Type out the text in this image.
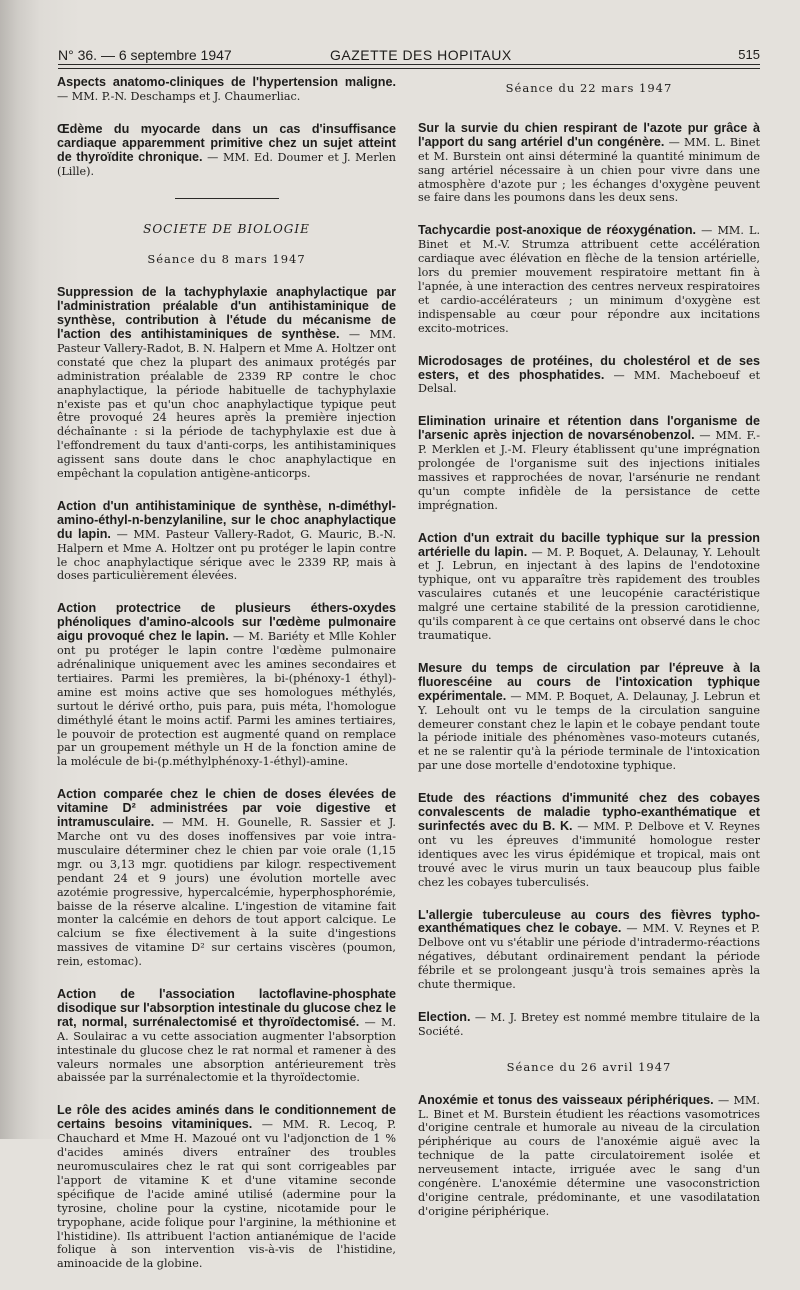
N° 36. — 6 septembre 1947	GAZETTE DES HOPITAUX	515

Aspects anatomo-cliniques de l'hypertension maligne. — MM. P.-N. Deschamps et J. Chaumerliac.

Œdème du myocarde dans un cas d'insuffisance cardiaque apparemment primitive chez un sujet atteint de thyroïdite chronique. — MM. Ed. Doumer et J. Merlen (Lille).

SOCIETE DE BIOLOGIE
Séance du 8 mars 1947

Suppression de la tachyphylaxie anaphylactique par l'administration préalable d'un antihistaminique de synthèse, contribution à l'étude du mécanisme de l'action des antihistaminiques de synthèse. — MM. Pasteur Vallery-Radot, B. N. Halpern et Mme A. Holtzer ont constaté que chez la plupart des animaux protégés par administration préalable de 2339 RP contre le choc anaphylactique, la période habituelle de tachyphylaxie n'existe pas et qu'un choc anaphylactique typique peut être provoqué 24 heures après la première injection déchaînante : si la période de tachyphylaxie est due à l'effondrement du taux d'anti-corps, les antihistaminiques agissent sans doute dans le choc anaphylactique en empêchant la copulation antigène-anticorps.

Action d'un antihistaminique de synthèse, n-diméthyl-amino-éthyl-n-benzylaniline, sur le choc anaphylactique du lapin. — MM. Pasteur Vallery-Radot, G. Mauric, B.-N. Halpern et Mme A. Holtzer ont pu protéger le lapin contre le choc anaphylactique sérique avec le 2339 RP, mais à doses particulièrement élevées.

Action protectrice de plusieurs éthers-oxydes phénoliques d'amino-alcools sur l'œdème pulmonaire aigu provoqué chez le lapin. — M. Bariéty et Mlle Kohler ont pu protéger le lapin contre l'œdème pulmonaire adrénalinique uniquement avec les amines secondaires et tertiaires. Parmi les premières, la bi-(phénoxy-1 éthyl)-amine est moins active que ses homologues méthylés, surtout le dérivé ortho, puis para, puis méta, l'homologue diméthylé étant le moins actif. Parmi les amines tertiaires, le pouvoir de protection est augmenté quand on remplace par un groupement méthyle un H de la fonction amine de la molécule de bi-(p.méthylphénoxy-1-éthyl)-amine.

Action comparée chez le chien de doses élevées de vitamine D² administrées par voie digestive et intramusculaire. — MM. H. Gounelle, R. Sassier et J. Marche ont vu des doses inoffensives par voie intra-musculaire déterminer chez le chien par voie orale (1,15 mgr. ou 3,13 mgr. quotidiens par kilogr. respectivement pendant 24 et 9 jours) une évolution mortelle avec azotémie progressive, hypercalcémie, hyperphosphorémie, baisse de la réserve alcaline. L'ingestion de vitamine fait monter la calcémie en dehors de tout apport calcique. Le calcium se fixe électivement à la suite d'ingestions massives de vitamine D² sur certains viscères (poumon, rein, estomac).

Action de l'association lactoflavine-phosphate disodique sur l'absorption intestinale du glucose chez le rat, normal, surrénalectomisé et thyroïdectomisé. — M. A. Soulairac a vu cette association augmenter l'absorption intestinale du glucose chez le rat normal et ramener à des valeurs normales une absorption antérieurement très abaissée par la surrénalectomie et la thyroïdectomie.

Le rôle des acides aminés dans le conditionnement de certains besoins vitaminiques. — MM. R. Lecoq, P. Chauchard et Mme H. Mazoué ont vu l'adjonction de 1 % d'acides aminés divers entraîner des troubles neuromusculaires chez le rat qui sont corrigeables par l'apport de vitamine K et d'une vitamine seconde spécifique de l'acide aminé utilisé (adermine pour la tyrosine, choline pour la cystine, nicotamide pour le trypophane, acide folique pour l'arginine, la méthionine et l'histidine). Ils attribuent l'action antianémique de l'acide folique à son intervention vis-à-vis de l'histidine, aminoacide de la globine.

Séance du 22 mars 1947

Sur la survie du chien respirant de l'azote pur grâce à l'apport du sang artériel d'un congénère. — MM. L. Binet et M. Burstein ont ainsi déterminé la quantité minimum de sang artériel nécessaire à un chien pour vivre dans une atmosphère d'azote pur ; les échanges d'oxygène peuvent se faire dans les poumons dans les deux sens.

Tachycardie post-anoxique de réoxygénation. — MM. L. Binet et M.-V. Strumza attribuent cette accélération cardiaque avec élévation en flèche de la tension artérielle, lors du premier mouvement respiratoire mettant fin à l'apnée, à une interaction des centres nerveux respiratoires et cardio-accélérateurs ; un minimum d'oxygène est indispensable au cœur pour répondre aux incitations excito-motrices.

Microdosages de protéines, du cholestérol et de ses esters, et des phosphatides. — MM. Macheboeuf et Delsal.

Elimination urinaire et rétention dans l'organisme de l'arsenic après injection de novarsénobenzol. — MM. F.-P. Merklen et J.-M. Fleury établissent qu'une imprégnation prolongée de l'organisme suit des injections initiales massives et rapprochées de novar, l'arsénurie ne rendant qu'un compte infidèle de la persistance de cette imprégnation.

Action d'un extrait du bacille typhique sur la pression artérielle du lapin. — M. P. Boquet, A. Delaunay, Y. Lehoult et J. Lebrun, en injectant à des lapins de l'endotoxine typhique, ont vu apparaître très rapidement des troubles vasculaires cutanés et une leucopénie caractéristique malgré une certaine stabilité de la pression carotidienne, qu'ils comparent à ce que certains ont observé dans le choc traumatique.

Mesure du temps de circulation par l'épreuve à la fluorescéine au cours de l'intoxication typhique expérimentale. — MM. P. Boquet, A. Delaunay, J. Lebrun et Y. Lehoult ont vu le temps de la circulation sanguine demeurer constant chez le lapin et le cobaye pendant toute la période initiale des phénomènes vaso-moteurs cutanés, et ne se ralentir qu'à la période terminale de l'intoxication par une dose mortelle d'endotoxine typhique.

Etude des réactions d'immunité chez des cobayes convalescents de maladie typho-exanthématique et surinfectés avec du B. K. — MM. P. Delbove et V. Reynes ont vu les épreuves d'immunité homologue rester identiques avec les virus épidémique et tropical, mais ont trouvé avec le virus murin un taux beaucoup plus faible chez les cobayes tuberculisés.

L'allergie tuberculeuse au cours des fièvres typho-exanthématiques chez le cobaye. — MM. V. Reynes et P. Delbove ont vu s'établir une période d'intradermo-réactions négatives, débutant ordinairement pendant la période fébrile et se prolongeant jusqu'à trois semaines après la chute thermique.

Election. — M. J. Bretey est nommé membre titulaire de la Société.

Séance du 26 avril 1947

Anoxémie et tonus des vaisseaux périphériques. — MM. L. Binet et M. Burstein étudient les réactions vasomotrices d'origine centrale et humorale au niveau de la circulation périphérique au cours de l'anoxémie aiguë avec la technique de la patte circulatoirement isolée et nerveusement intacte, irriguée avec le sang d'un congénère. L'anoxémie détermine une vasoconstriction d'origine centrale, prédominante, et une vasodilatation d'origine périphérique.
